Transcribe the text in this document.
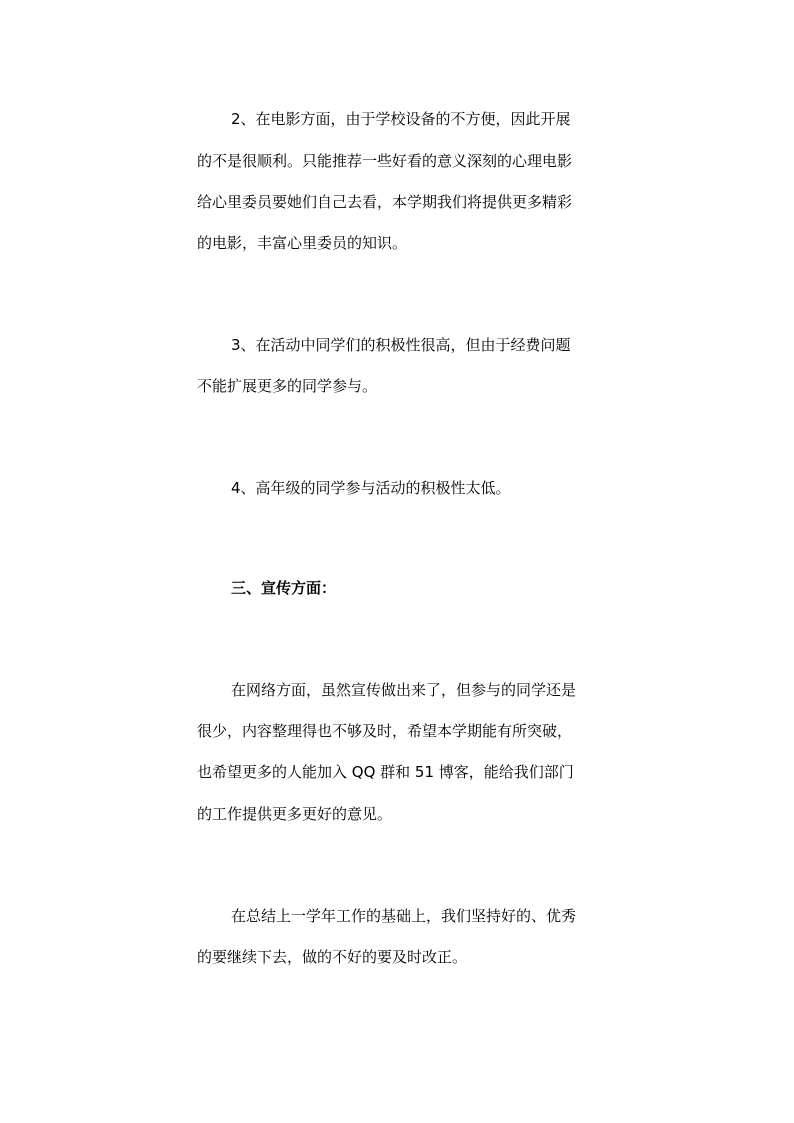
2、在电影方面，由于学校设备的不方便，因此开展
的不是很顺利。只能推荐一些好看的意义深刻的心理电影
给心里委员要她们自己去看，本学期我们将提供更多精彩
的电影，丰富心里委员的知识。
3、在活动中同学们的积极性很高，但由于经费问题
不能扩展更多的同学参与。
4、高年级的同学参与活动的积极性太低。
三、宣传方面：
在网络方面，虽然宣传做出来了，但参与的同学还是
很少，内容整理得也不够及时，希望本学期能有所突破，
也希望更多的人能加入 QQ 群和 51 博客，能给我们部门
的工作提供更多更好的意见。
在总结上一学年工作的基础上，我们坚持好的、优秀
的要继续下去，做的不好的要及时改正。
